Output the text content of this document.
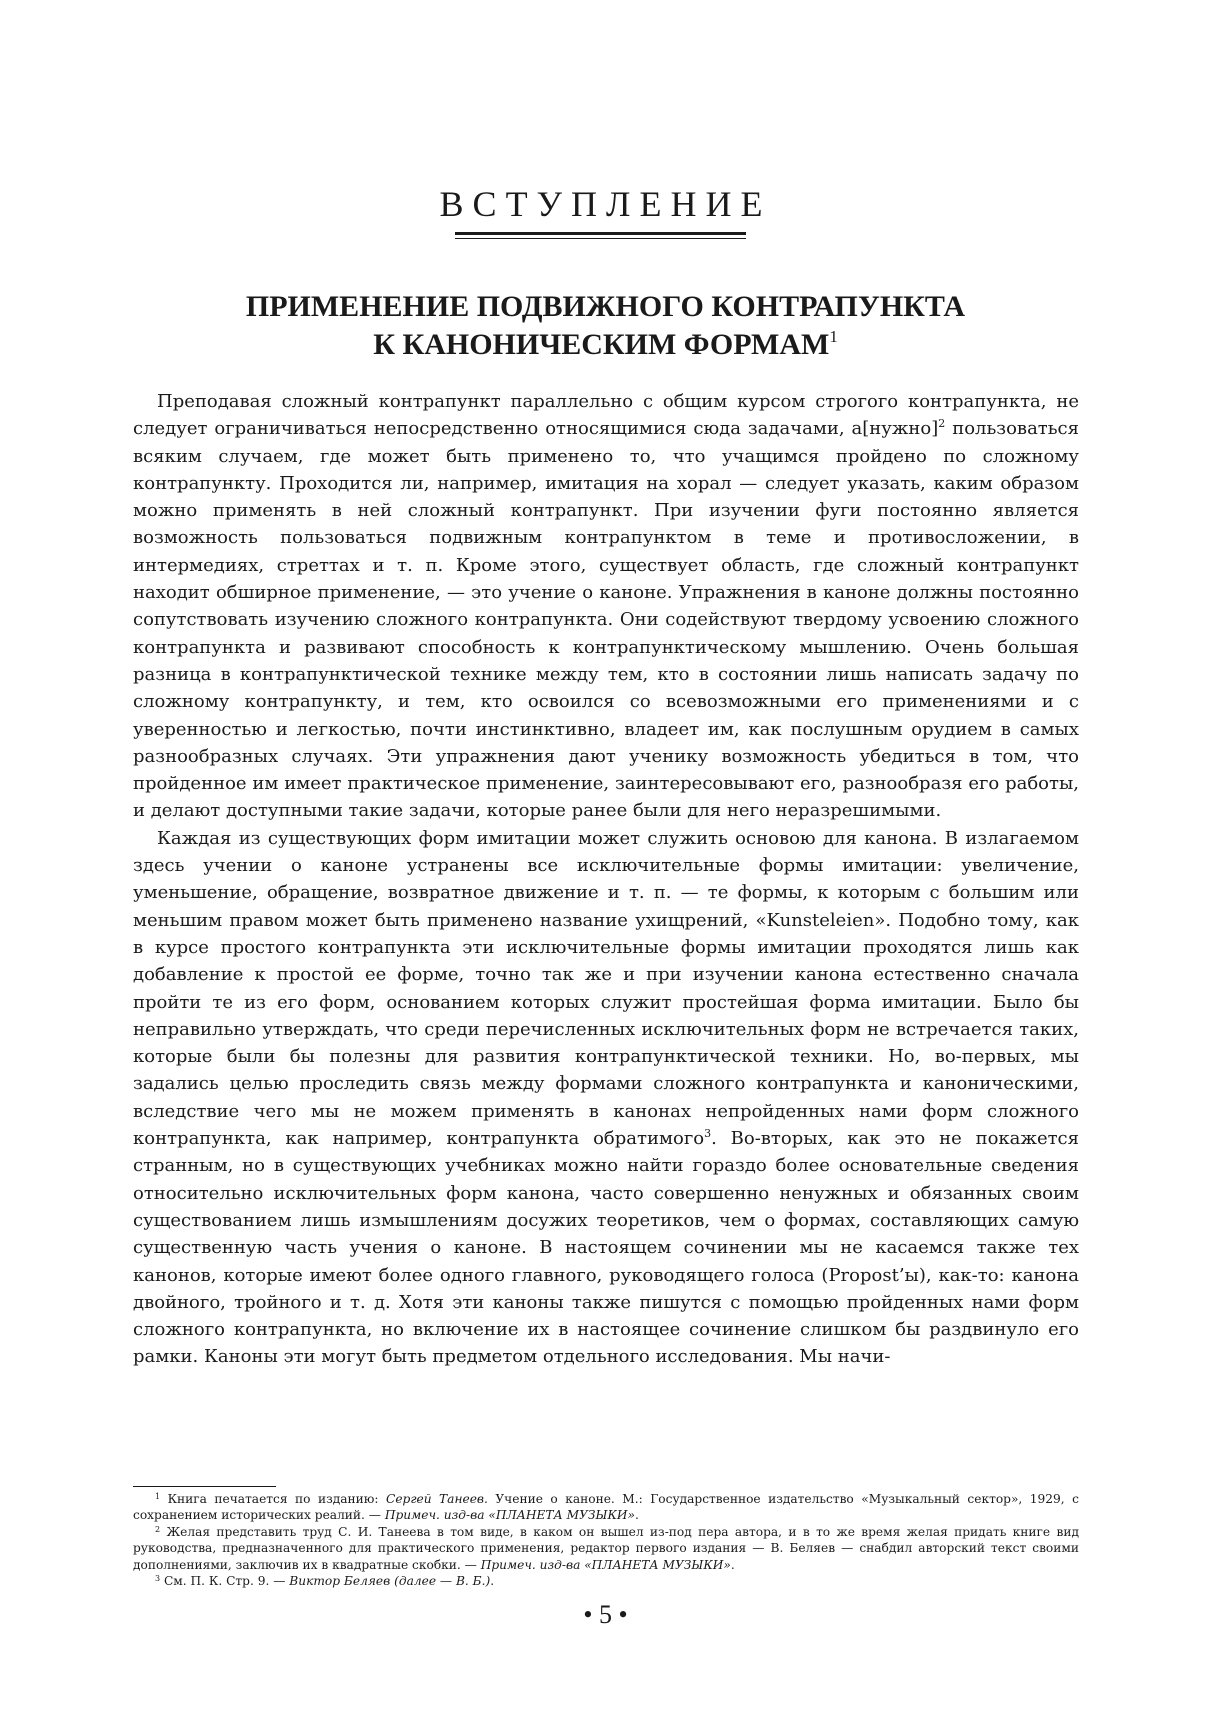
ВСТУПЛЕНИЕ
ПРИМЕНЕНИЕ ПОДВИЖНОГО КОНТРАПУНКТА
К КАНОНИЧЕСКИМ ФОРМАМ$^1$

Преподавая сложный контрапункт параллельно с общим курсом строгого контрапункта, не следует ограничиваться непосредственно относящимися сюда задачами, а[нужно]$^2$ пользоваться всяким случаем, где может быть применено то, что учащимся пройдено по сложному контрапункту. Проходится ли, например, имитация на хорал — следует указать, каким образом можно применять в ней сложный контрапункт. При изучении фуги постоянно является возможность пользоваться подвижным контрапунктом в теме и противосложении, в интермедиях, стреттах и т. п. Кроме этого, существует область, где сложный контрапункт находит обширное применение, — это учение о каноне. Упражнения в каноне должны постоянно сопутствовать изучению сложного контрапункта. Они содействуют твердому усвоению сложного контрапункта и развивают способность к контрапунктическому мышлению. Очень большая разница в контрапунктической технике между тем, кто в состоянии лишь написать задачу по сложному контрапункту, и тем, кто освоился со всевозможными его применениями и с уверенностью и легкостью, почти инстинктивно, владеет им, как послушным орудием в самых разнообразных случаях. Эти упражнения дают ученику возможность убедиться в том, что пройденное им имеет практическое применение, заинтересовывают его, разнообразя его работы, и делают доступными такие задачи, которые ранее были для него неразрешимыми.

Каждая из существующих форм имитации может служить основою для канона. В излагаемом здесь учении о каноне устранены все исключительные формы имитации: увеличение, уменьшение, обращение, возвратное движение и т. п. — те формы, к которым с большим или меньшим правом может быть применено название ухищрений, «Kunsteleien». Подобно тому, как в курсе простого контрапункта эти исключительные формы имитации проходятся лишь как добавление к простой ее форме, точно так же и при изучении канона естественно сначала пройти те из его форм, основанием которых служит простейшая форма имитации. Было бы неправильно утверждать, что среди перечисленных исключительных форм не встречается таких, которые были бы полезны для развития контрапунктической техники. Но, во-первых, мы задались целью проследить связь между формами сложного контрапункта и каноническими, вследствие чего мы не можем применять в канонах непройденных нами форм сложного контрапункта, как например, контрапункта обратимого$^3$. Во-вторых, как это не покажется странным, но в существующих учебниках можно найти гораздо более основательные сведения относительно исключительных форм канона, часто совершенно ненужных и обязанных своим существованием лишь измышлениям досужих теоретиков, чем о формах, составляющих самую существенную часть учения о каноне. В настоящем сочинении мы не касаемся также тех канонов, которые имеют более одного главного, руководящего голоса (Propost’ы), как-то: канона двойного, тройного и т. д. Хотя эти каноны также пишутся с помощью пройденных нами форм сложного контрапункта, но включение их в настоящее сочинение слишком бы раздвинуло его рамки. Каноны эти могут быть предметом отдельного исследования. Мы начи-

$^1$ Книга печатается по изданию: Сергей Танеев. Учение о каноне. М.: Государственное издательство «Музыкальный сектор», 1929, с сохранением исторических реалий. — Примеч. изд-ва «ПЛАНЕТА МУЗЫКИ».

$^2$ Желая представить труд С. И. Танеева в том виде, в каком он вышел из-под пера автора, и в то же время желая придать книге вид руководства, предназначенного для практического применения, редактор первого издания — В. Беляев — снабдил авторский текст своими дополнениями, заключив их в квадратные скобки. — Примеч. изд-ва «ПЛАНЕТА МУЗЫКИ».

$^3$ См. П. К. Стр. 9. — Виктор Беляев (далее — В. Б.).

• 5 •
